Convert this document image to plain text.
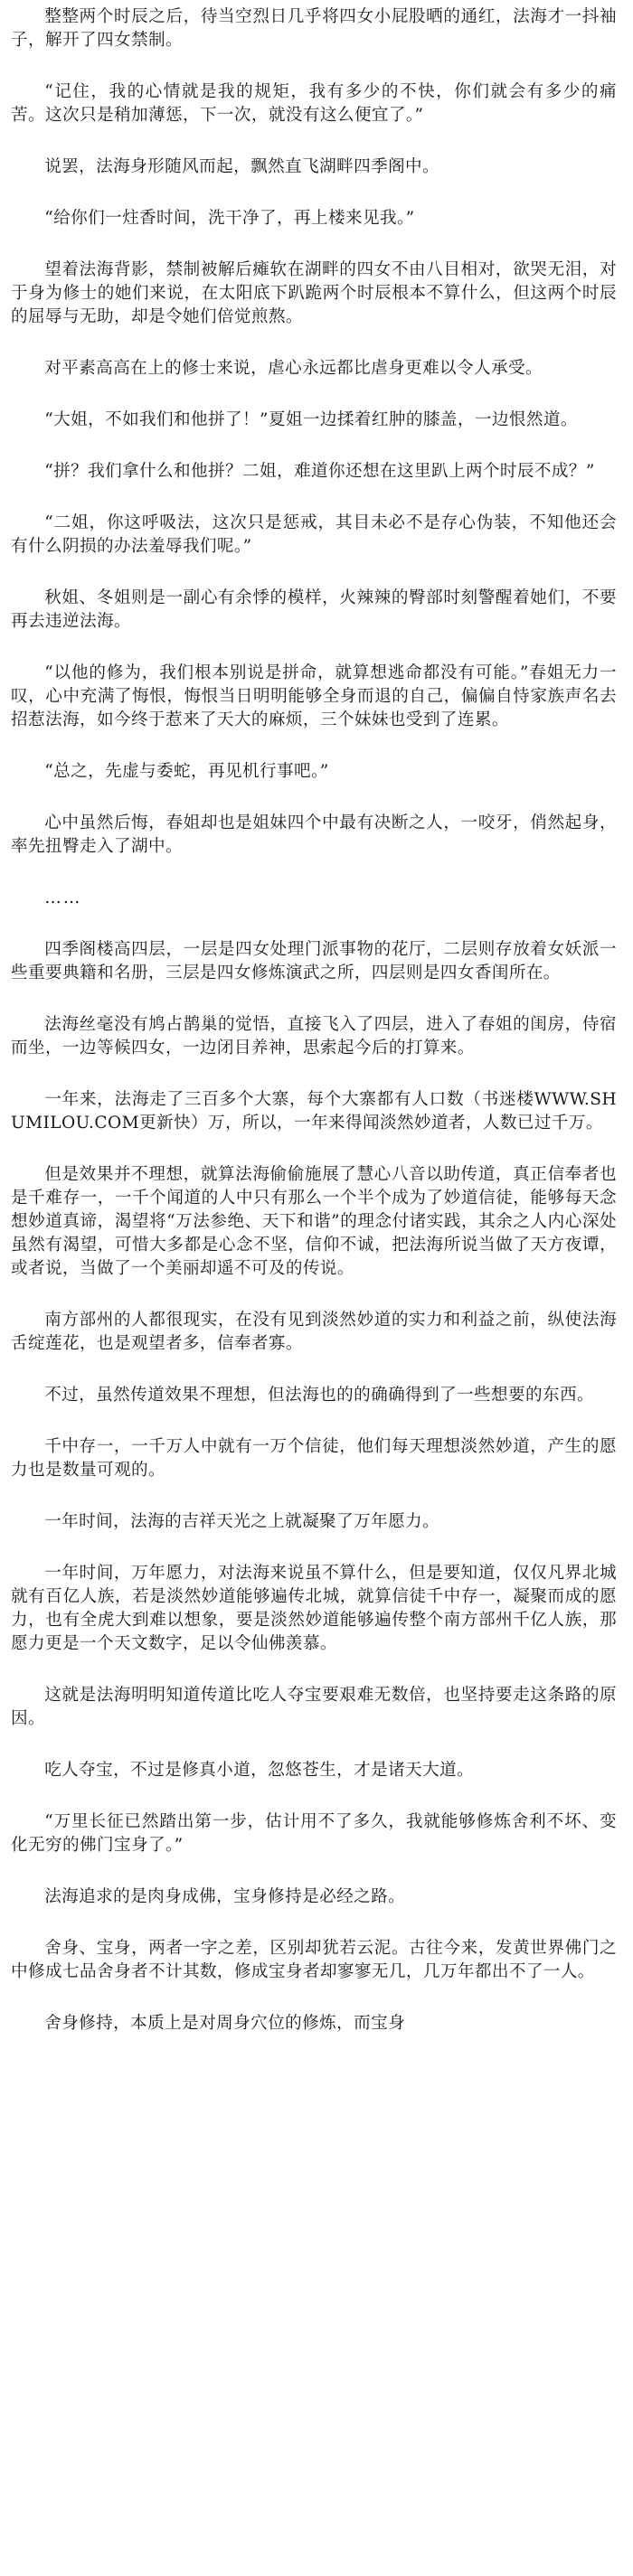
整整两个时辰之后，待当空烈日几乎将四女小屁股晒的通红，法海才一抖袖子，解开了四女禁制。

“记住，我的心情就是我的规矩，我有多少的不快，你们就会有多少的痛苦。这次只是稍加薄惩，下一次，就没有这么便宜了。”

说罢，法海身形随风而起，飘然直飞湖畔四季阁中。

“给你们一炷香时间，洗干净了，再上楼来见我。”

望着法海背影，禁制被解后瘫软在湖畔的四女不由八目相对，欲哭无泪，对于身为修士的她们来说，在太阳底下趴跪两个时辰根本不算什么，但这两个时辰的屈辱与无助，却是令她们倍觉煎熬。

对平素高高在上的修士来说，虐心永远都比虐身更难以令人承受。

“大姐，不如我们和他拼了！”夏姐一边揉着红肿的膝盖，一边恨然道。

“拼？我们拿什么和他拼？二姐，难道你还想在这里趴上两个时辰不成？”

“二姐，你这呼吸法，这次只是惩戒，其目未必不是存心伪装，不知他还会有什么阴损的办法羞辱我们呢。”

秋姐、冬姐则是一副心有余悸的模样，火辣辣的臀部时刻警醒着她们，不要再去违逆法海。

“以他的修为，我们根本别说是拼命，就算想逃命都没有可能。”春姐无力一叹，心中充满了悔恨，悔恨当日明明能够全身而退的自己，偏偏自恃家族声名去招惹法海，如今终于惹来了天大的麻烦，三个妹妹也受到了连累。

“总之，先虚与委蛇，再见机行事吧。”

心中虽然后悔，春姐却也是姐妹四个中最有决断之人，一咬牙，俏然起身，率先扭臀走入了湖中。

……

四季阁楼高四层，一层是四女处理门派事物的花厅，二层则存放着女妖派一些重要典籍和名册，三层是四女修炼演武之所，四层则是四女香闺所在。

法海丝毫没有鸠占鹊巢的觉悟，直接飞入了四层，进入了春姐的闺房，侍宿而坐，一边等候四女，一边闭目养神，思索起今后的打算来。

一年来，法海走了三百多个大寨，每个大寨都有人口数（书迷楼WWW.SHUMILOU.COM更新快）万，所以，一年来得闻淡然妙道者，人数已过千万。

但是效果并不理想，就算法海偷偷施展了慧心八音以助传道，真正信奉者也是千难存一，一千个闻道的人中只有那么一个半个成为了妙道信徒，能够每天念想妙道真谛，渴望将“万法参绝、天下和谐”的理念付诸实践，其余之人内心深处虽然有渴望，可惜大多都是心念不坚，信仰不诚，把法海所说当做了天方夜谭，或者说，当做了一个美丽却遥不可及的传说。

南方部州的人都很现实，在没有见到淡然妙道的实力和利益之前，纵使法海舌绽莲花，也是观望者多，信奉者寡。

不过，虽然传道效果不理想，但法海也的的确确得到了一些想要的东西。

千中存一，一千万人中就有一万个信徒，他们每天理想淡然妙道，产生的愿力也是数量可观的。

一年时间，法海的吉祥天光之上就凝聚了万年愿力。

一年时间，万年愿力，对法海来说虽不算什么，但是要知道，仅仅凡界北城就有百亿人族，若是淡然妙道能够遍传北城，就算信徒千中存一，凝聚而成的愿力，也有全虎大到难以想象，要是淡然妙道能够遍传整个南方部州千亿人族，那愿力更是一个天文数字，足以令仙佛羡慕。

这就是法海明明知道传道比吃人夺宝要艰难无数倍，也坚持要走这条路的原因。

吃人夺宝，不过是修真小道，忽悠苍生，才是诸天大道。

“万里长征已然踏出第一步，估计用不了多久，我就能够修炼舍利不坏、变化无穷的佛门宝身了。”

法海追求的是肉身成佛，宝身修持是必经之路。

舍身、宝身，两者一字之差，区别却犹若云泥。古往今来，发黄世界佛门之中修成七品舍身者不计其数，修成宝身者却寥寥无几，几万年都出不了一人。

舍身修持，本质上是对周身穴位的修炼，而宝身
